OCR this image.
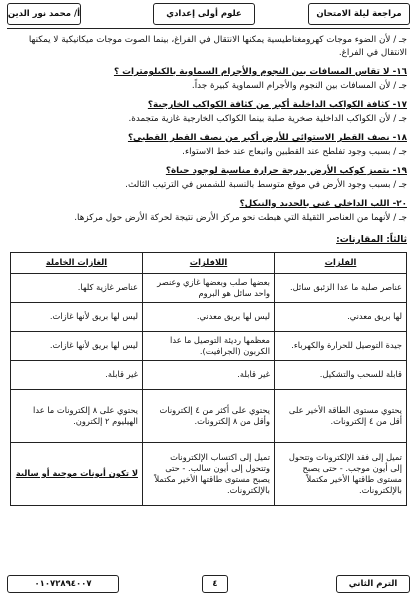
مراجعة ليلة الامتحان
علوم أولى إعدادي
أ/ محمد نور الدين

جـ / لأن الضوء موجات كهرومغناطيسية يمكنها الانتقال في الفراغ، بينما الصوت موجات ميكانيكية لا يمكنها الانتقال في الفراغ.

١٦- لا تقاس المسافات بين النجوم والأجرام السماوية بالكيلومترات ؟

جـ / لأن المسافات بين النجوم والأجرام السماوية كبيرة جداً.

١٧- كثافة الكواكب الداخلية أكبر من كثافة الكواكب الخارجية؟

جـ / لأن الكواكب الداخلية صخرية صلبة بينما الكواكب الخارجية غازية متجمدة.

١٨- نصف القطر الاستوائي للأرض أكبر من نصف القطر القطبي؟

جـ / بسبب وجود تفلطح عند القطبين وانبعاج عند خط الاستواء.

١٩- يتميز كوكب الأرض بدرجة حرارة مناسبة لوجود حياة؟

جـ / بسبب وجود الأرض في موقع متوسط بالنسبة للشمس في الترتيب الثالث.

٢٠- اللب الداخلي غني بالحديد والنيكل؟

جـ / لأنهما من العناصر الثقيلة التي هبطت نحو مركز الأرض نتيجة لحركة الأرض حول مركزها.

ثالثاً: المقارنات:

الفلزات	اللافلزات	الغازات الخاملة
عناصر صلبة ما عدا الزئبق سائل.	بعضها صلب وبعضها غازي وعنصر واحد سائل هو البروم	عناصر غازية كلها.
لها بريق معدني.	ليس لها بريق معدني.	ليس لها بريق لأنها غازات.
جيدة التوصيل للحرارة والكهرباء.	معظمها رديئة التوصيل ما عدا الكربون (الجرافيت).	ليس لها بريق لأنها غازات.
قابلة للسحب والتشكيل.	غير قابلة.	غير قابلة.
يحتوي مستوى الطاقة الأخير على أقل من ٤ إلكترونات.	يحتوي على أكثر من ٤ إلكترونات وأقل من ٨ إلكترونات.	يحتوي على ٨ إلكترونات ما عدا الهيليوم ٢ إلكترون.
تميل إلى فقد الإلكترونات وتتحول إلى أيون موجب. - حتى يصبح مستوى طاقتها الأخير مكتملاً بالإلكترونات.	تميل إلى اكتساب الإلكترونات وتتحول إلى أيون سالب. - حتى يصبح مستوى طاقتها الأخير مكتملاً بالإلكترونات.	لا تكون أيونات موجبة أو سالبة
٠١٠٧٢٨٩٤٠٠٧	٤	الترم الثاني
